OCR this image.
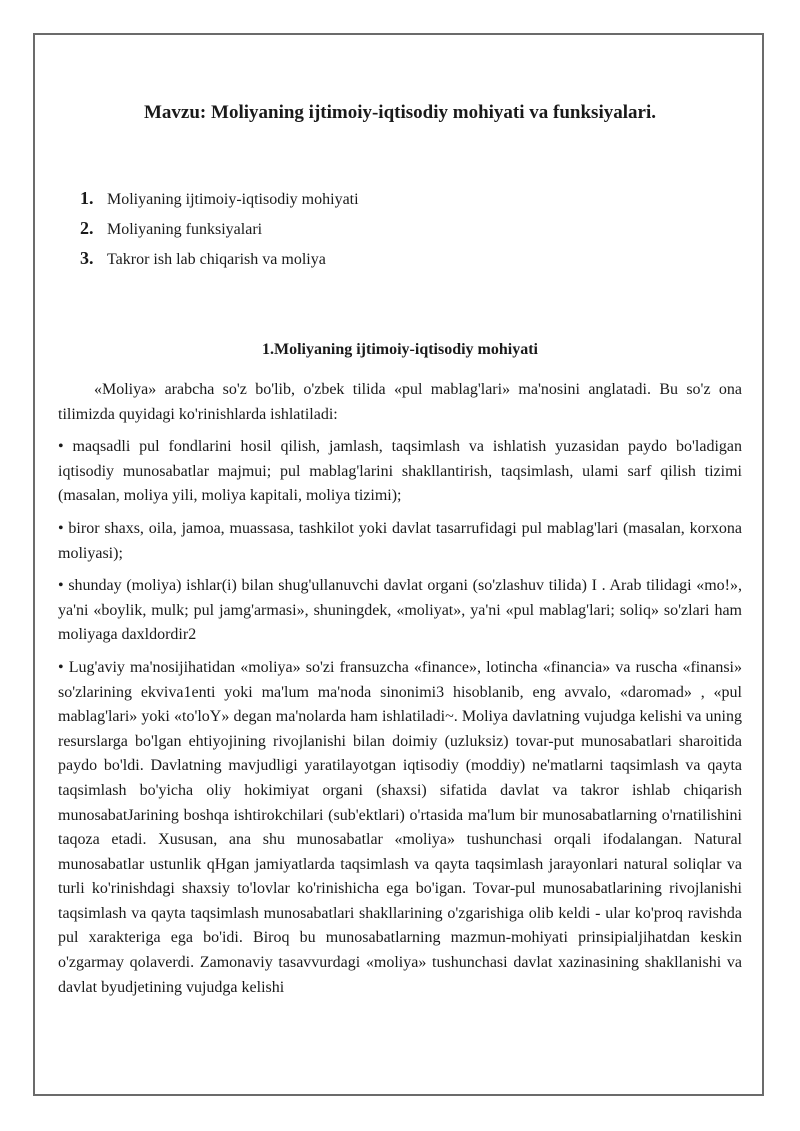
Mavzu: Moliyaning ijtimoiy-iqtisodiy mohiyati va funksiyalari.
1. Moliyaning ijtimoiy-iqtisodiy mohiyati
2. Moliyaning funksiyalari
3. Takror ish lab chiqarish va moliya
1.Moliyaning ijtimoiy-iqtisodiy mohiyati

«Moliya» arabcha so'z bo'lib, o'zbek tilida «pul mablag'lari» ma'nosini anglatadi. Bu so'z ona tilimizda quyidagi ko'rinishlarda ishlatiladi:

• maqsadli pul fondlarini hosil qilish, jamlash, taqsimlash va ishlatish yuzasidan paydo bo'ladigan iqtisodiy munosabatlar majmui; pul mablag'larini shakllantirish, taqsimlash, ulami sarf qilish tizimi (masalan, moliya yili, moliya kapitali, moliya tizimi);

• biror shaxs, oila, jamoa, muassasa, tashkilot yoki davlat tasarrufidagi pul mablag'lari (masalan, korxona moliyasi);

• shunday (moliya) ishlar(i) bilan shug'ullanuvchi davlat organi (so'zlashuv tilida) I . Arab tilidagi «mo!», ya'ni «boylik, mulk; pul jamg'armasi», shuningdek, «moliyat», ya'ni «pul mablag'lari; soliq» so'zlari ham moliyaga daxldordir2

• Lug'aviy ma'nosijihatidan «moliya» so'zi fransuzcha «finance», lotincha «financia» va ruscha «finansi» so'zlarining ekviva1enti yoki ma'lum ma'noda sinonimi3 hisoblanib, eng avvalo, «daromad» , «pul mablag'lari» yoki «to'loY» degan ma'nolarda ham ishlatiladi~. Moliya davlatning vujudga kelishi va uning resurslarga bo'lgan ehtiyojining rivojlanishi bilan doimiy (uzluksiz) tovar-put munosabatlari sharoitida paydo bo'ldi. Davlatning mavjudligi yaratilayotgan iqtisodiy (moddiy) ne'matlarni taqsimlash va qayta taqsimlash bo'yicha oliy hokimiyat organi (shaxsi) sifatida davlat va takror ishlab chiqarish munosabatJarining boshqa ishtirokchilari (sub'ektlari) o'rtasida ma'lum bir munosabatlarning o'rnatilishini taqoza etadi. Xususan, ana shu munosabatlar «moliya» tushunchasi orqali ifodalangan. Natural munosabatlar ustunlik qHgan jamiyatlarda taqsimlash va qayta taqsimlash jarayonlari natural soliqlar va turli ko'rinishdagi shaxsiy to'lovlar ko'rinishicha ega bo'igan. Tovar-pul munosabatlarining rivojlanishi taqsimlash va qayta taqsimlash munosabatlari shakllarining o'zgarishiga olib keldi - ular ko'proq ravishda pul xarakteriga ega bo'idi. Biroq bu munosabatlarning mazmun-mohiyati prinsipialjihatdan keskin o'zgarmay qolaverdi. Zamonaviy tasavvurdagi «moliya» tushunchasi davlat xazinasining shakllanishi va davlat byudjetining vujudga kelishi
